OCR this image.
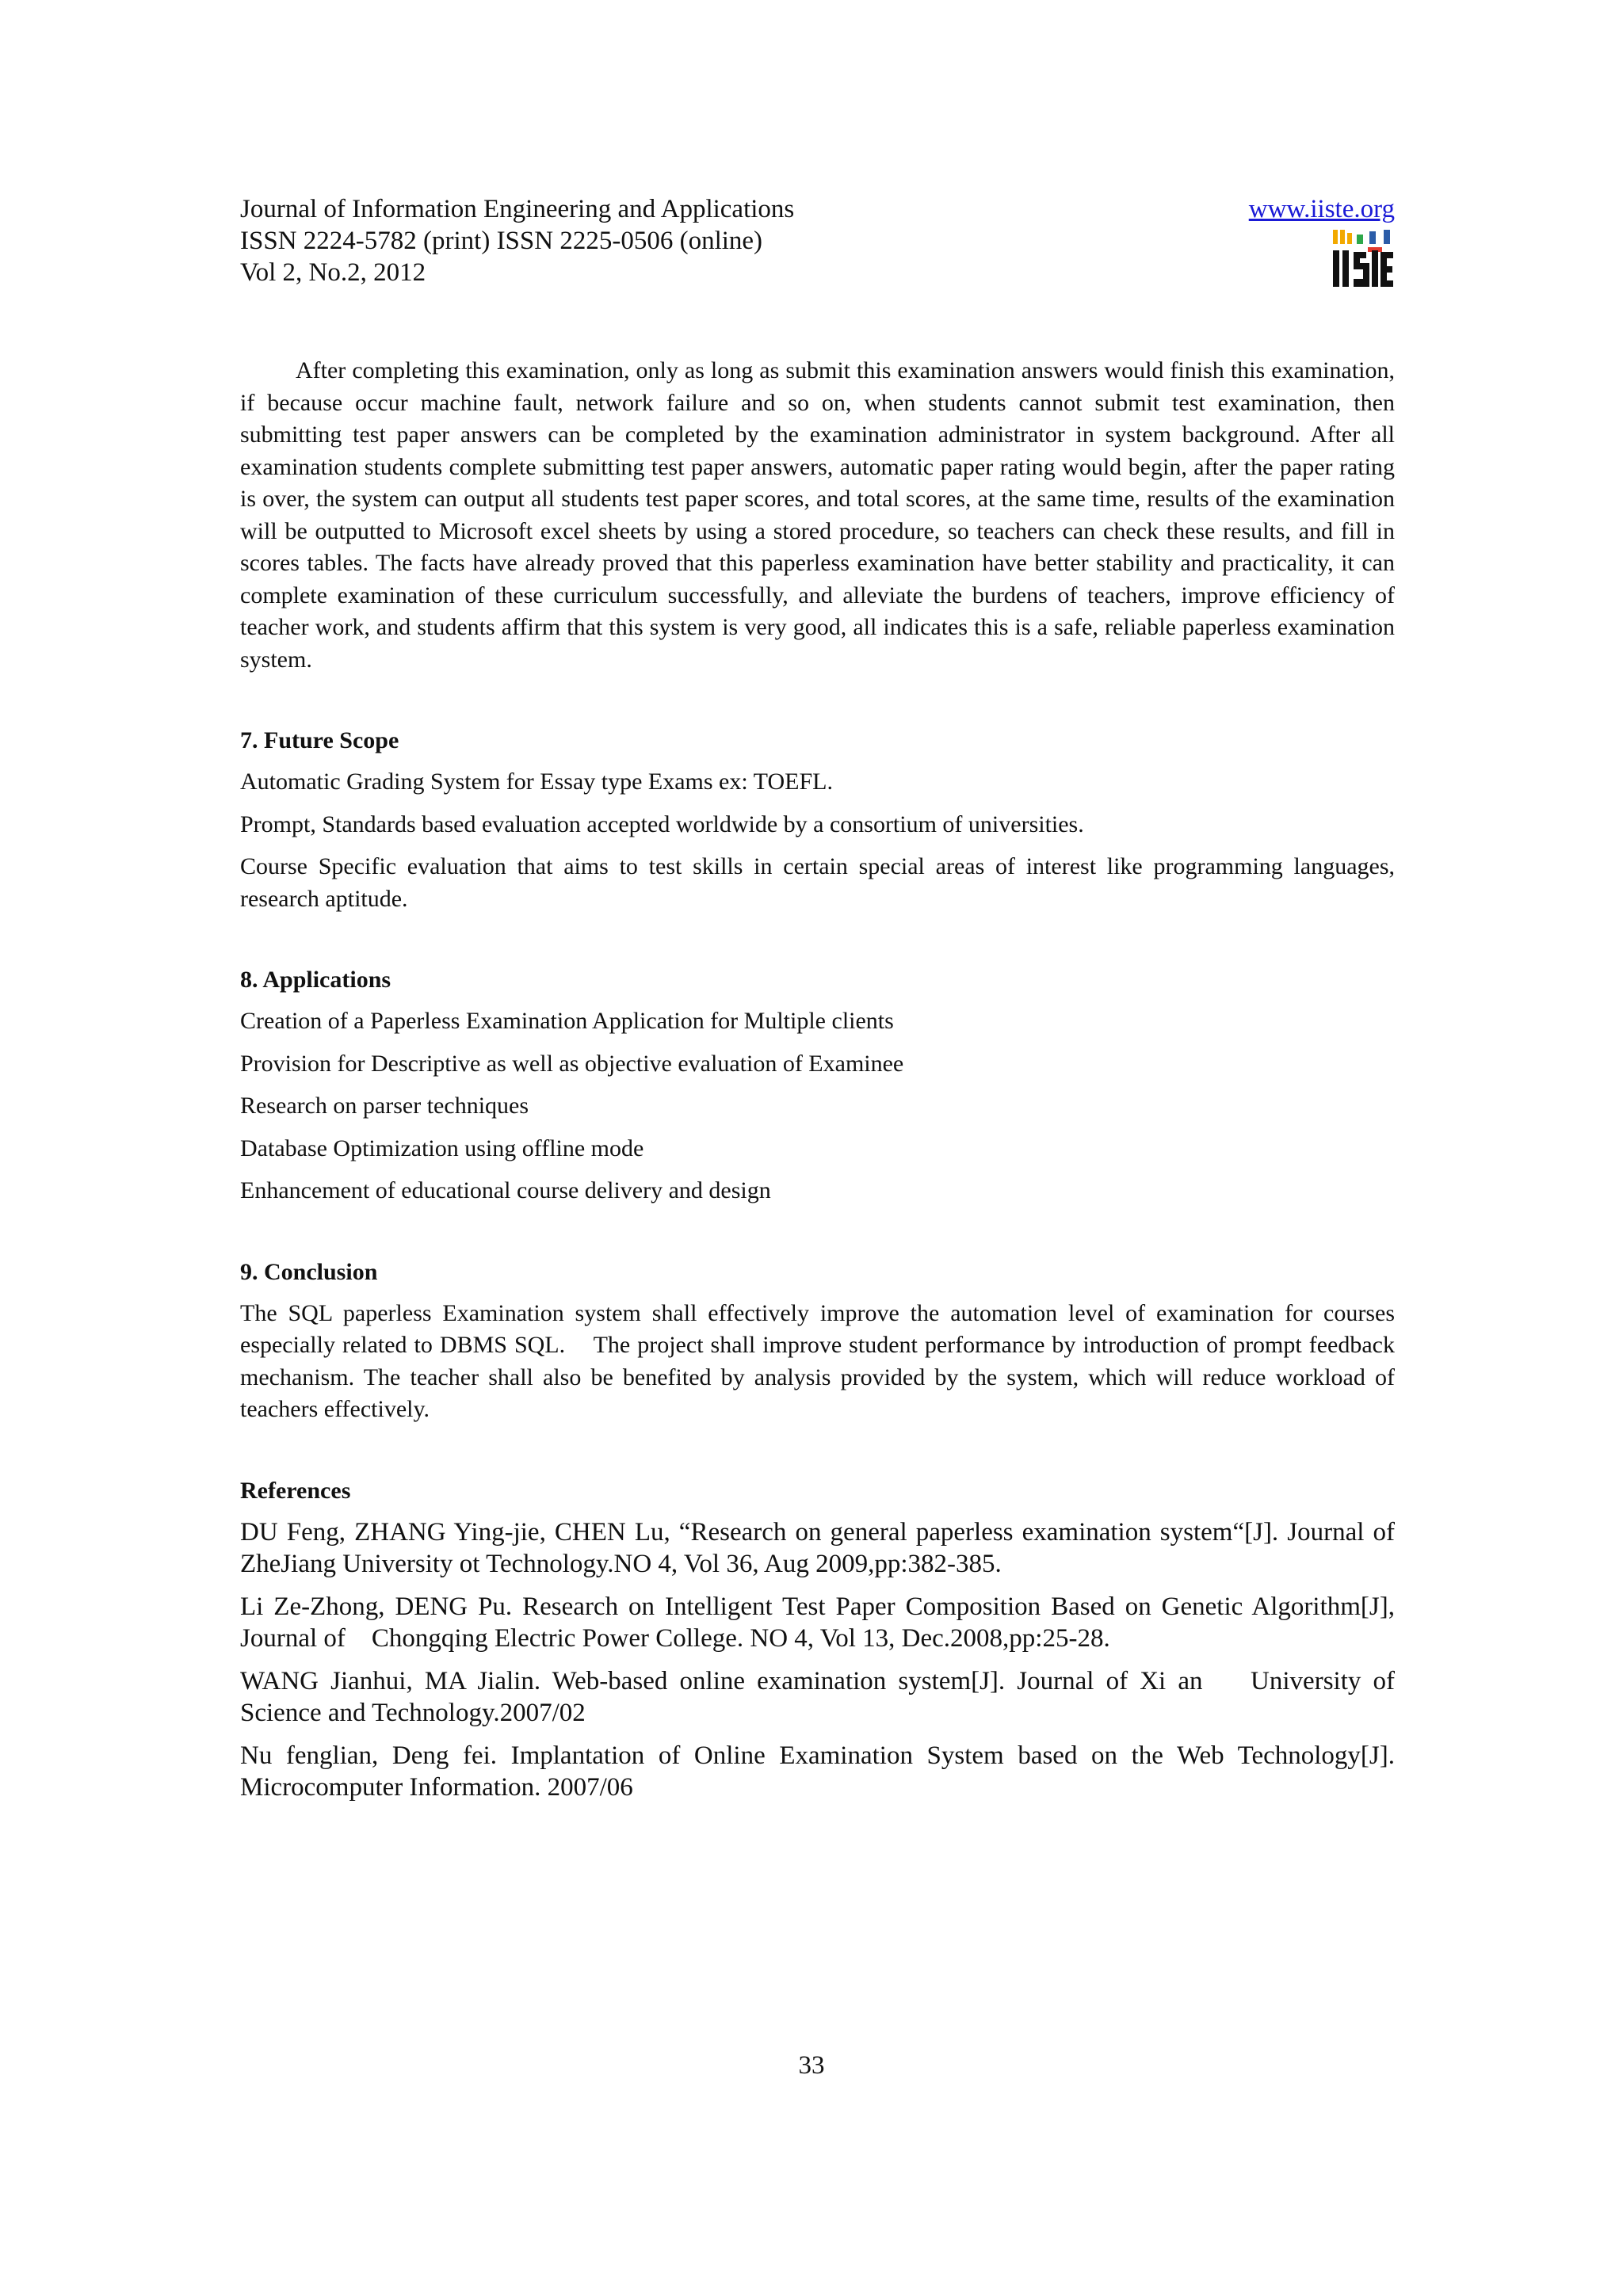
Journal of Information Engineering and Applications
ISSN 2224-5782 (print) ISSN 2225-0506 (online)
Vol 2, No.2, 2012
www.iiste.org

After completing this examination, only as long as submit this examination answers would finish this examination, if because occur machine fault, network failure and so on, when students cannot submit test examination, then submitting test paper answers can be completed by the examination administrator in system background. After all examination students complete submitting test paper answers, automatic paper rating would begin, after the paper rating is over, the system can output all students test paper scores, and total scores, at the same time, results of the examination will be outputted to Microsoft excel sheets by using a stored procedure, so teachers can check these results, and fill in scores tables. The facts have already proved that this paperless examination have better stability and practicality, it can complete examination of these curriculum successfully, and alleviate the burdens of teachers, improve efficiency of teacher work, and students affirm that this system is very good, all indicates this is a safe, reliable paperless examination system.

7. Future Scope

Automatic Grading System for Essay type Exams ex: TOEFL.

Prompt, Standards based evaluation accepted worldwide by a consortium of universities.

Course Specific evaluation that aims to test skills in certain special areas of interest like programming languages, research aptitude.

8. Applications

Creation of a Paperless Examination Application for Multiple clients

Provision for Descriptive as well as objective evaluation of Examinee

Research on parser techniques

Database Optimization using offline mode

Enhancement of educational course delivery and design

9. Conclusion

The SQL paperless Examination system shall effectively improve the automation level of examination for courses especially related to DBMS SQL.    The project shall improve student performance by introduction of prompt feedback mechanism. The teacher shall also be benefited by analysis provided by the system, which will reduce workload of teachers effectively.

References

DU Feng, ZHANG Ying-jie, CHEN Lu, “Research on general paperless examination system“[J]. Journal of ZheJiang University ot Technology.NO 4, Vol 36, Aug 2009,pp:382-385.

Li Ze-Zhong, DENG Pu. Research on Intelligent Test Paper Composition Based on Genetic Algorithm[J], Journal of    Chongqing Electric Power College. NO 4, Vol 13, Dec.2008,pp:25-28.

WANG Jianhui, MA Jialin. Web-based online examination system[J]. Journal of Xi an    University of Science and Technology.2007/02

Nu fenglian, Deng fei. Implantation of Online Examination System based on the Web Technology[J]. Microcomputer Information. 2007/06

33
